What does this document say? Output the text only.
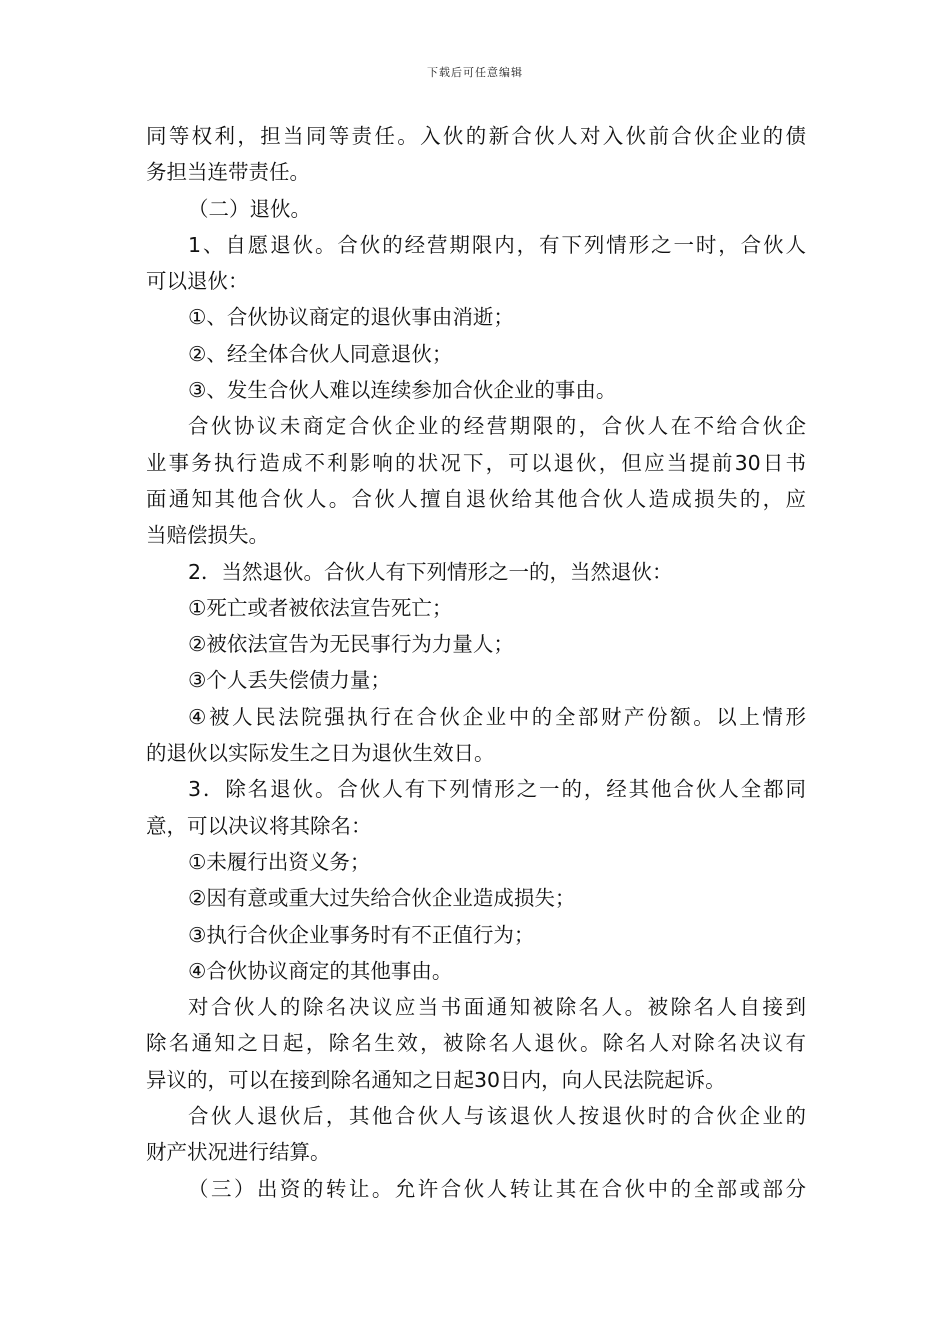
下载后可任意编辑
同等权利，担当同等责任。入伙的新合伙人对入伙前合伙企业的债
务担当连带责任。
（二）退伙。
1、自愿退伙。合伙的经营期限内，有下列情形之一时，合伙人
可以退伙：
①、合伙协议商定的退伙事由消逝；
②、经全体合伙人同意退伙；
③、发生合伙人难以连续参加合伙企业的事由。
合伙协议未商定合伙企业的经营期限的，合伙人在不给合伙企
业事务执行造成不利影响的状况下，可以退伙，但应当提前30日书
面通知其他合伙人。合伙人擅自退伙给其他合伙人造成损失的，应
当赔偿损失。
2．当然退伙。合伙人有下列情形之一的，当然退伙：
①死亡或者被依法宣告死亡；
②被依法宣告为无民事行为力量人；
③个人丢失偿债力量；
④被人民法院强执行在合伙企业中的全部财产份额。以上情形
的退伙以实际发生之日为退伙生效日。
3．除名退伙。合伙人有下列情形之一的，经其他合伙人全都同
意，可以决议将其除名：
①未履行出资义务；
②因有意或重大过失给合伙企业造成损失；
③执行合伙企业事务时有不正值行为；
④合伙协议商定的其他事由。
对合伙人的除名决议应当书面通知被除名人。被除名人自接到
除名通知之日起，除名生效，被除名人退伙。除名人对除名决议有
异议的，可以在接到除名通知之日起30日内，向人民法院起诉。
合伙人退伙后，其他合伙人与该退伙人按退伙时的合伙企业的
财产状况进行结算。
（三）出资的转让。允许合伙人转让其在合伙中的全部或部分
